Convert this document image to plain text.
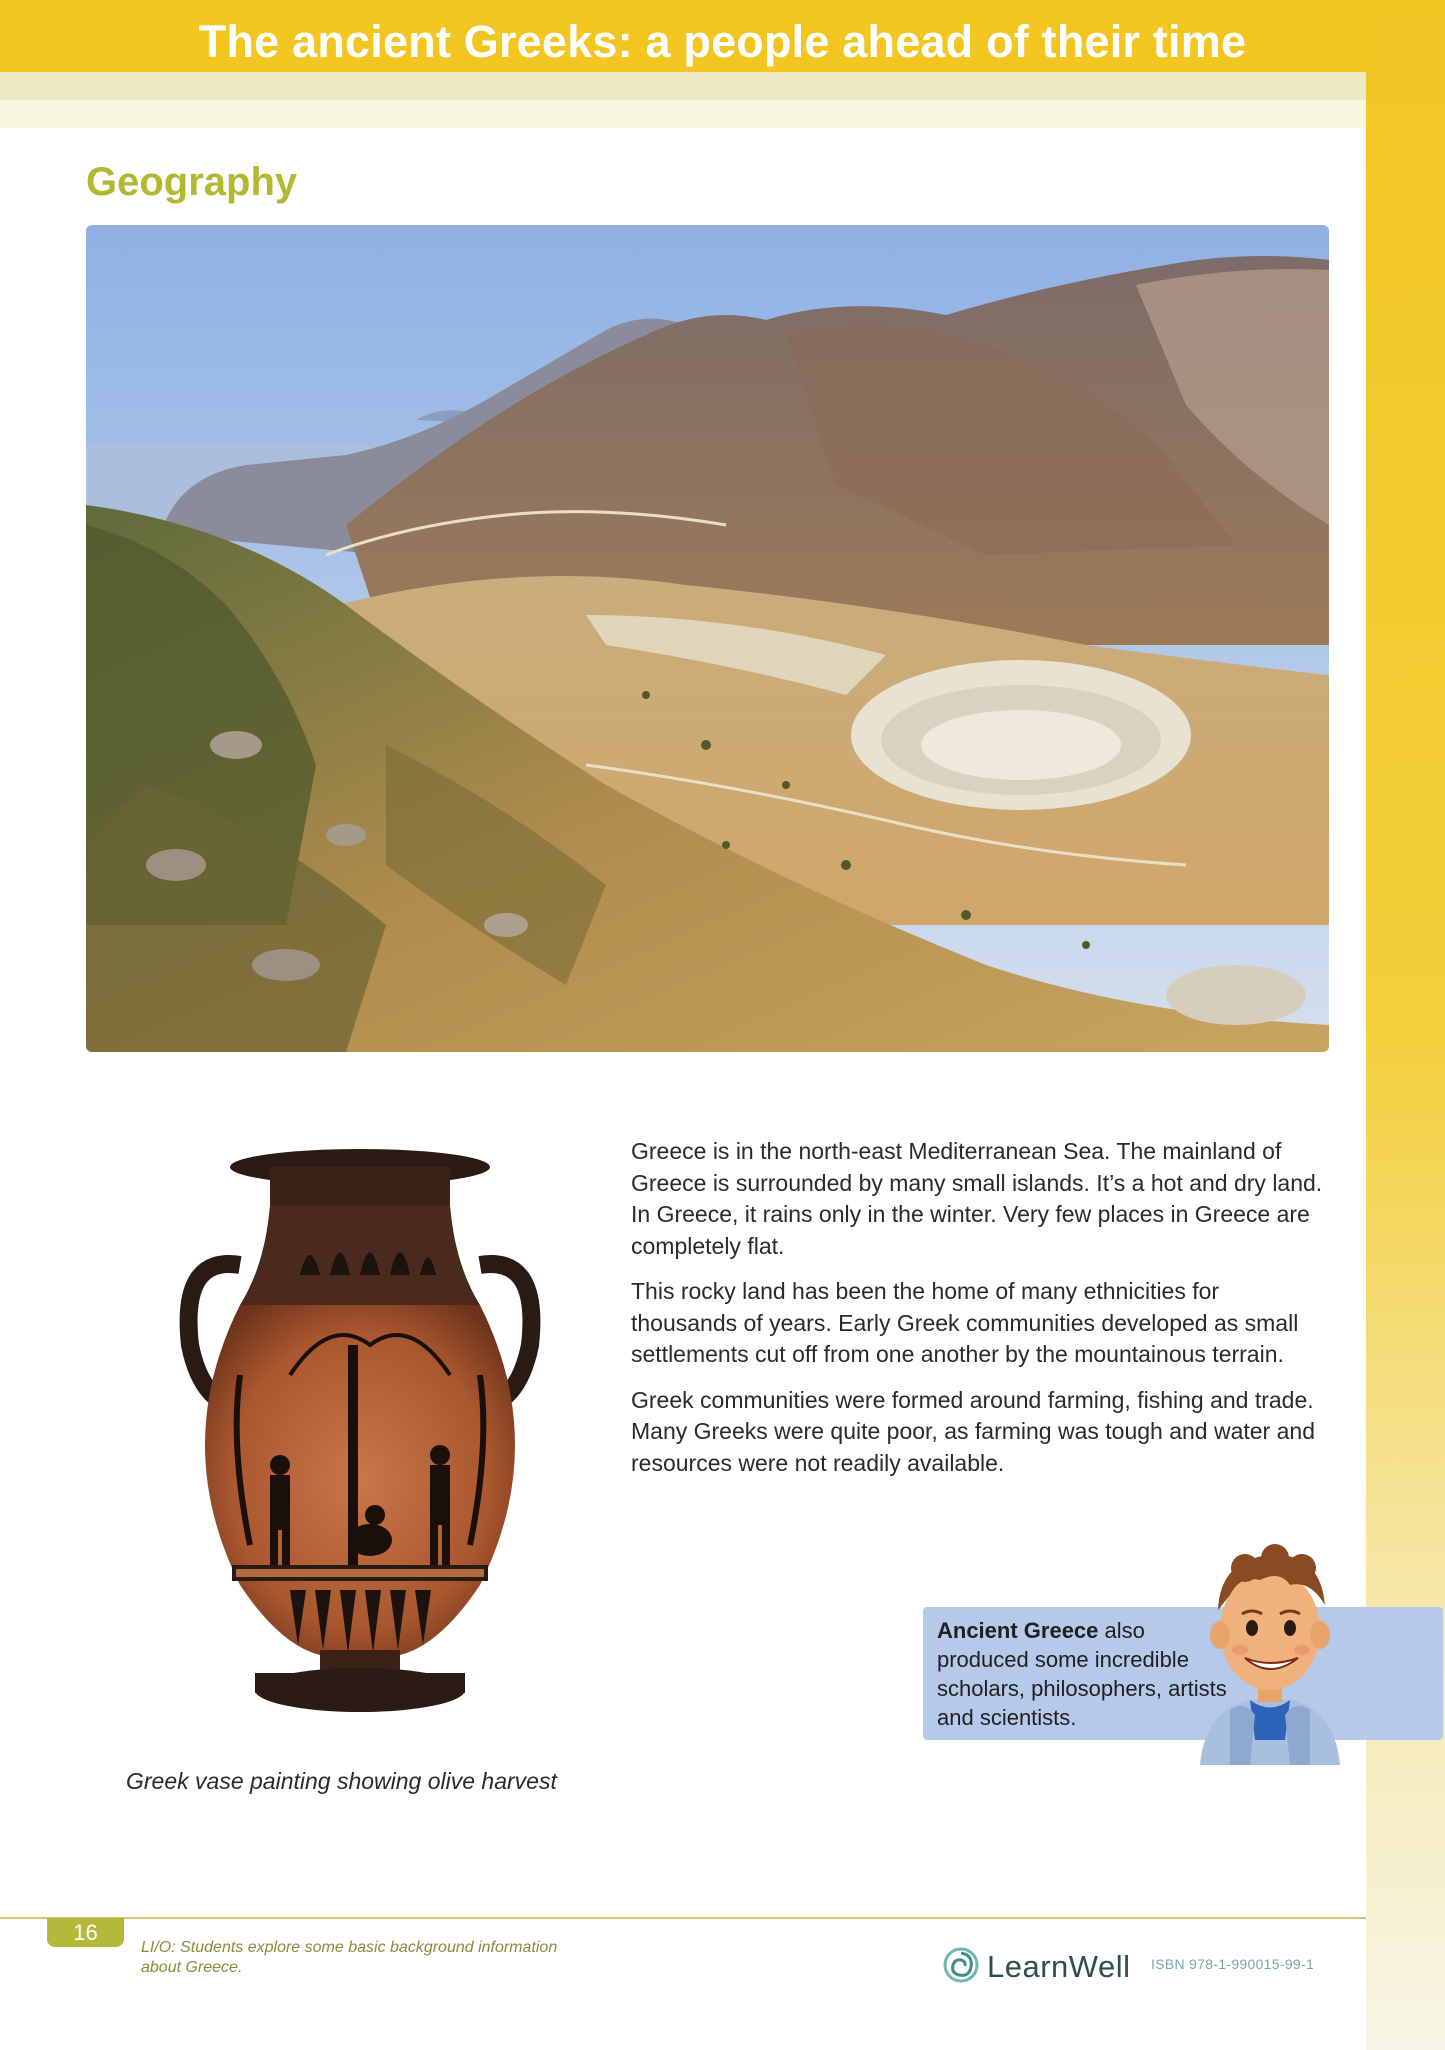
The ancient Greeks: a people ahead of their time
Geography
Greek vase painting showing olive harvest

Greece is in the north-east Mediterranean Sea. The mainland of Greece is surrounded by many small islands. It’s a hot and dry land. In Greece, it rains only in the winter. Very few places in Greece are completely flat.

This rocky land has been the home of many ethnicities for thousands of years. Early Greek communities developed as small settlements cut off from one another by the mountainous terrain.

Greek communities were formed around farming, fishing and trade. Many Greeks were quite poor, as farming was tough and water and resources were not readily available.

Ancient Greece also produced some incredible scholars, philosophers, artists and scientists.
16
LI/O: Students explore some basic background information about Greece.	LearnWell ISBN 978-1-990015-99-1
